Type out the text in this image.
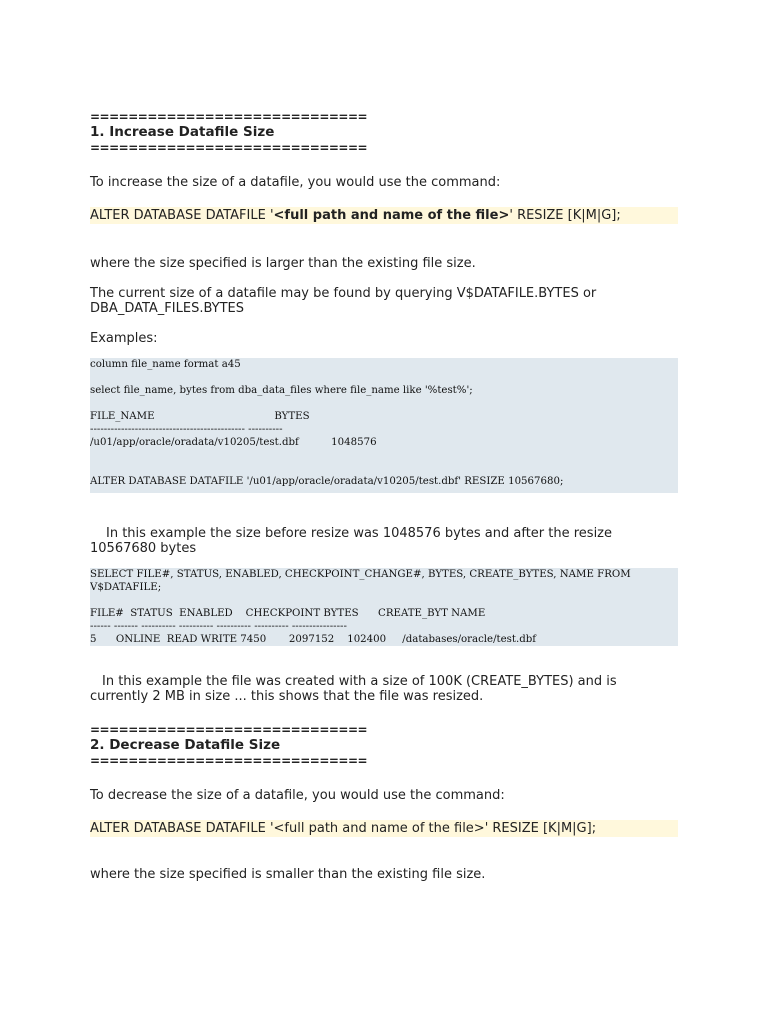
=============================
1. Increase Datafile Size
=============================

To increase the size of a datafile, you would use the command:

ALTER DATABASE DATAFILE '<full path and name of the file>' RESIZE [K|M|G];

where the size specified is larger than the existing file size.

The current size of a datafile may be found by querying V$DATAFILE.BYTES or DBA_DATA_FILES.BYTES

Examples:

column file_name format a45

select file_name, bytes from dba_data_files where file_name like '%test%';

FILE_NAME                                     BYTES
--------------------------------------------- ----------
/u01/app/oracle/oradata/v10205/test.dbf          1048576

ALTER DATABASE DATAFILE '/u01/app/oracle/oradata/v10205/test.dbf' RESIZE 10567680;

In this example the size before resize was 1048576 bytes and after the resize 10567680 bytes

SELECT FILE#, STATUS, ENABLED, CHECKPOINT_CHANGE#, BYTES, CREATE_BYTES, NAME FROM
V$DATAFILE;

FILE#  STATUS  ENABLED    CHECKPOINT BYTES      CREATE_BYT NAME
------ ------- ---------- ---------- ---------- ---------- ----------------
5      ONLINE  READ WRITE 7450       2097152    102400     /databases/oracle/test.dbf

In this example the file was created with a size of 100K (CREATE_BYTES) and is currently 2 MB in size ... this shows that the file was resized.

=============================
2. Decrease Datafile Size
=============================

To decrease the size of a datafile, you would use the command:

ALTER DATABASE DATAFILE '<full path and name of the file>' RESIZE [K|M|G];

where the size specified is smaller than the existing file size.
